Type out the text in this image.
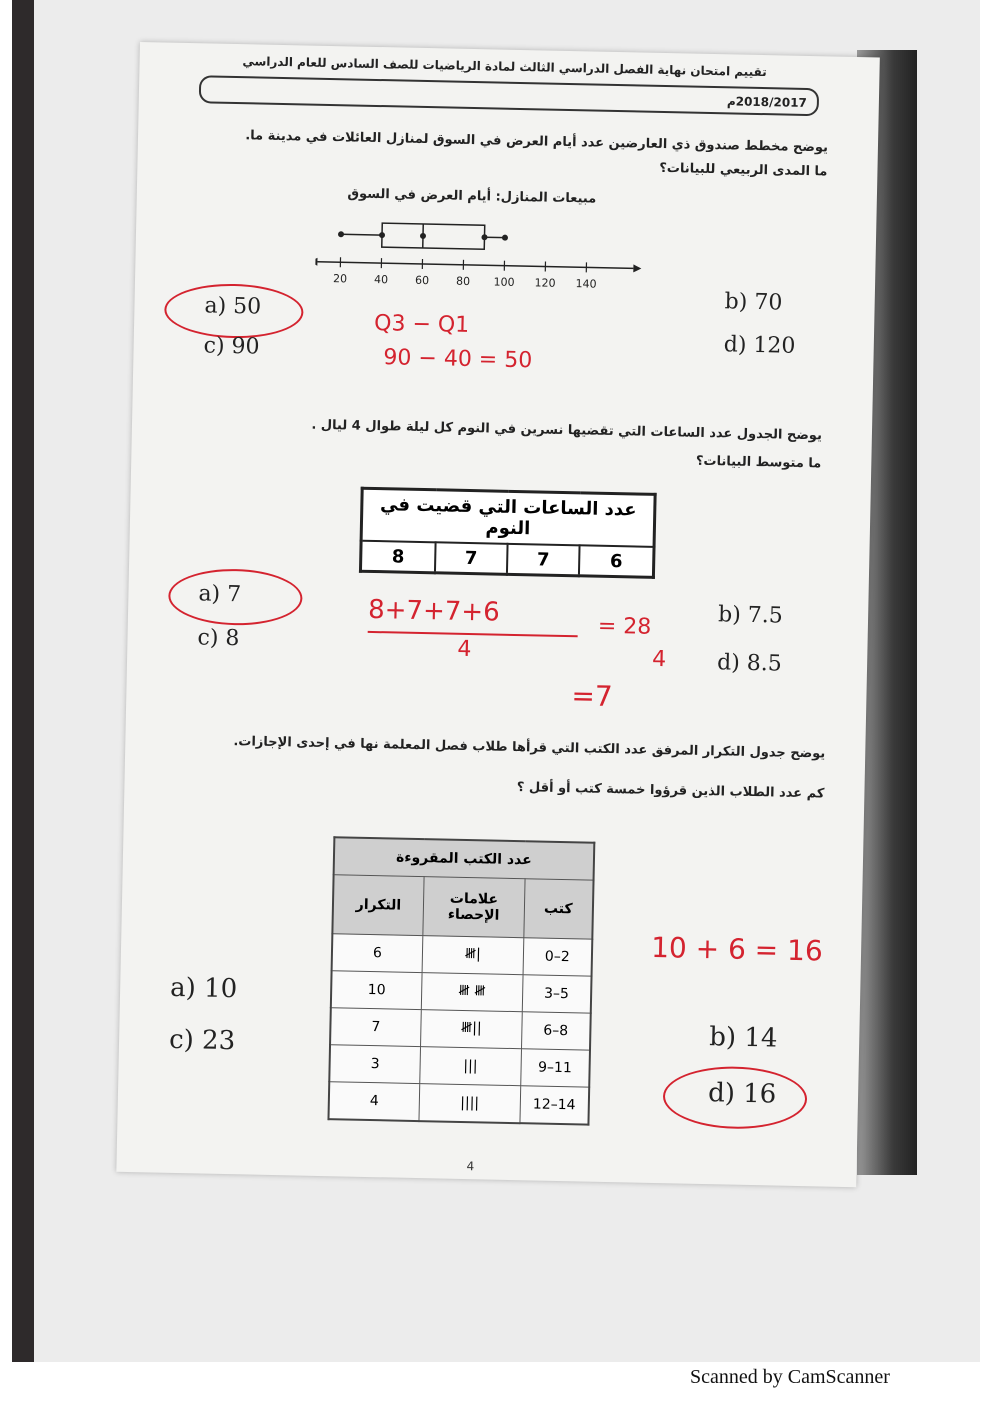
تقييم امتحان نهاية الفصل الدراسي الثالث لمادة الرياضيات للصف السادس للعام الدراسي
2018/2017م
يوضح مخطط صندوق ذي العارضين عدد أيام العرض في السوق لمنازل العائلات في مدينة ما.
ما المدى الربيعي للبيانات؟
مبيعات المنازل: أيام العرض في السوق
20 40 60 80 100 120 140
a) 50
c) 90
b) 70
d) 120
Q3 − Q1
90 − 40 = 50
يوضح الجدول عدد الساعات التي تقضيها نسرين في النوم كل ليلة طوال 4 ليال .
ما متوسط البيانات؟
عدد الساعات التي قضيت في النوم
8	7	7	6
a) 7
c) 8
b) 7.5
d) 8.5
8+7+7+6
4
= 28
4
=7
يوضح جدول التكرار المرفق عدد الكتب التي قرأها طلاب فصل المعلمة نها في إحدى الإجازات.
كم عدد الطلاب الذين قرؤوا خمسة كتب أو أقل ؟
عدد الكتب المقروءة		
التكرار	علامات الإحصاء	كتب
6	𝍸|	0–2
10	𝍸 𝍸	3–5
7	𝍸||	6–8
3	|||	9–11
4	||||	12–14
a) 10
c) 23	b) 14
d) 16
10 + 6 = 16
4
Scanned by CamScanner
